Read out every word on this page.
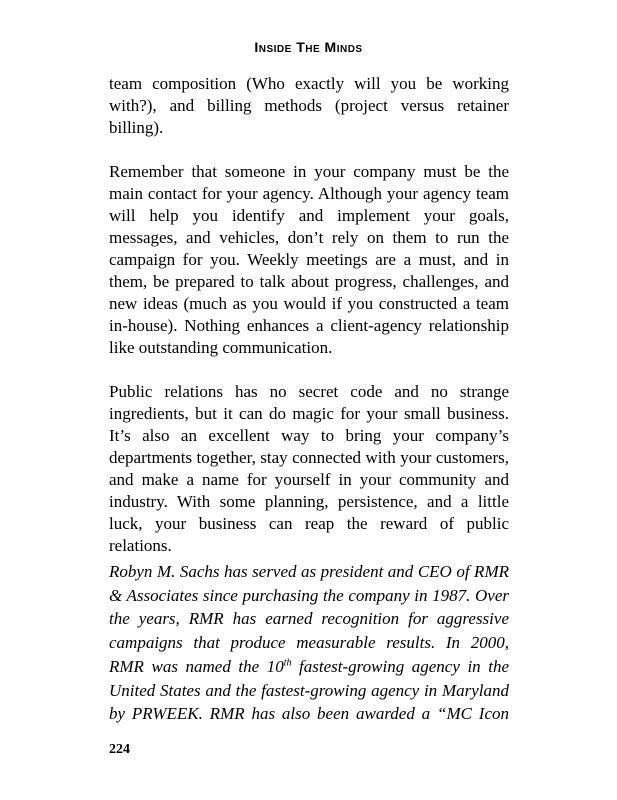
Inside The Minds

team composition (Who exactly will you be working with?), and billing methods (project versus retainer billing).

Remember that someone in your company must be the main contact for your agency. Although your agency team will help you identify and implement your goals, messages, and vehicles, don’t rely on them to run the campaign for you. Weekly meetings are a must, and in them, be prepared to talk about progress, challenges, and new ideas (much as you would if you constructed a team in-house). Nothing enhances a client-agency relationship like outstanding communication.

Public relations has no secret code and no strange ingredients, but it can do magic for your small business. It’s also an excellent way to bring your company’s departments together, stay connected with your customers, and make a name for yourself in your community and industry. With some planning, persistence, and a little luck, your business can reap the reward of public relations.

Robyn M. Sachs has served as president and CEO of RMR & Associates since purchasing the company in 1987. Over the years, RMR has earned recognition for aggressive campaigns that produce measurable results. In 2000, RMR was named the 10th fastest-growing agency in the United States and the fastest-growing agency in Maryland by PRWEEK. RMR has also been awarded a “MC Icon

224
